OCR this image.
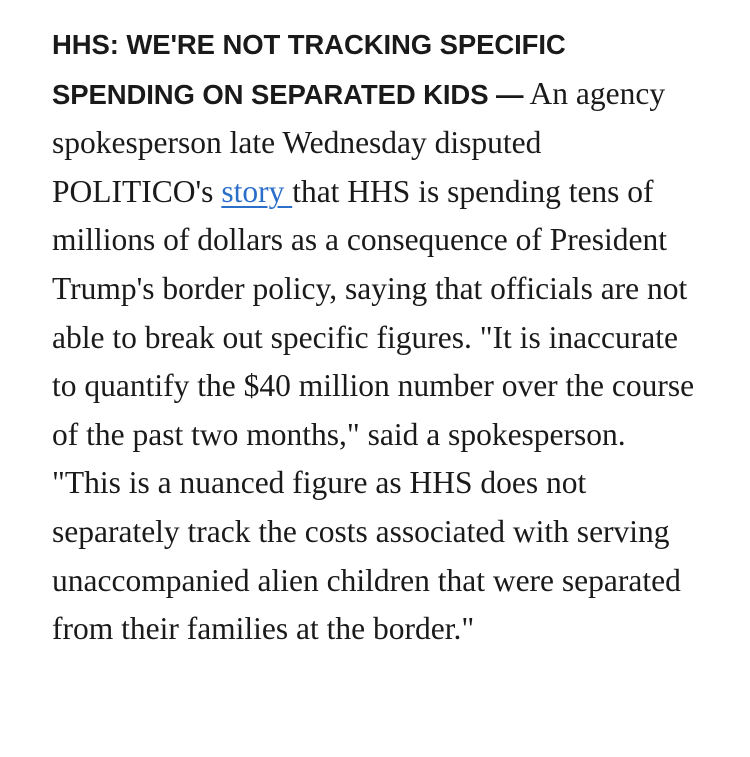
HHS: WE'RE NOT TRACKING SPECIFIC SPENDING ON SEPARATED KIDS — An agency spokesperson late Wednesday disputed POLITICO's story that HHS is spending tens of millions of dollars as a consequence of President Trump's border policy, saying that officials are not able to break out specific figures. "It is inaccurate to quantify the $40 million number over the course of the past two months," said a spokesperson. "This is a nuanced figure as HHS does not separately track the costs associated with serving unaccompanied alien children that were separated from their families at the border."
